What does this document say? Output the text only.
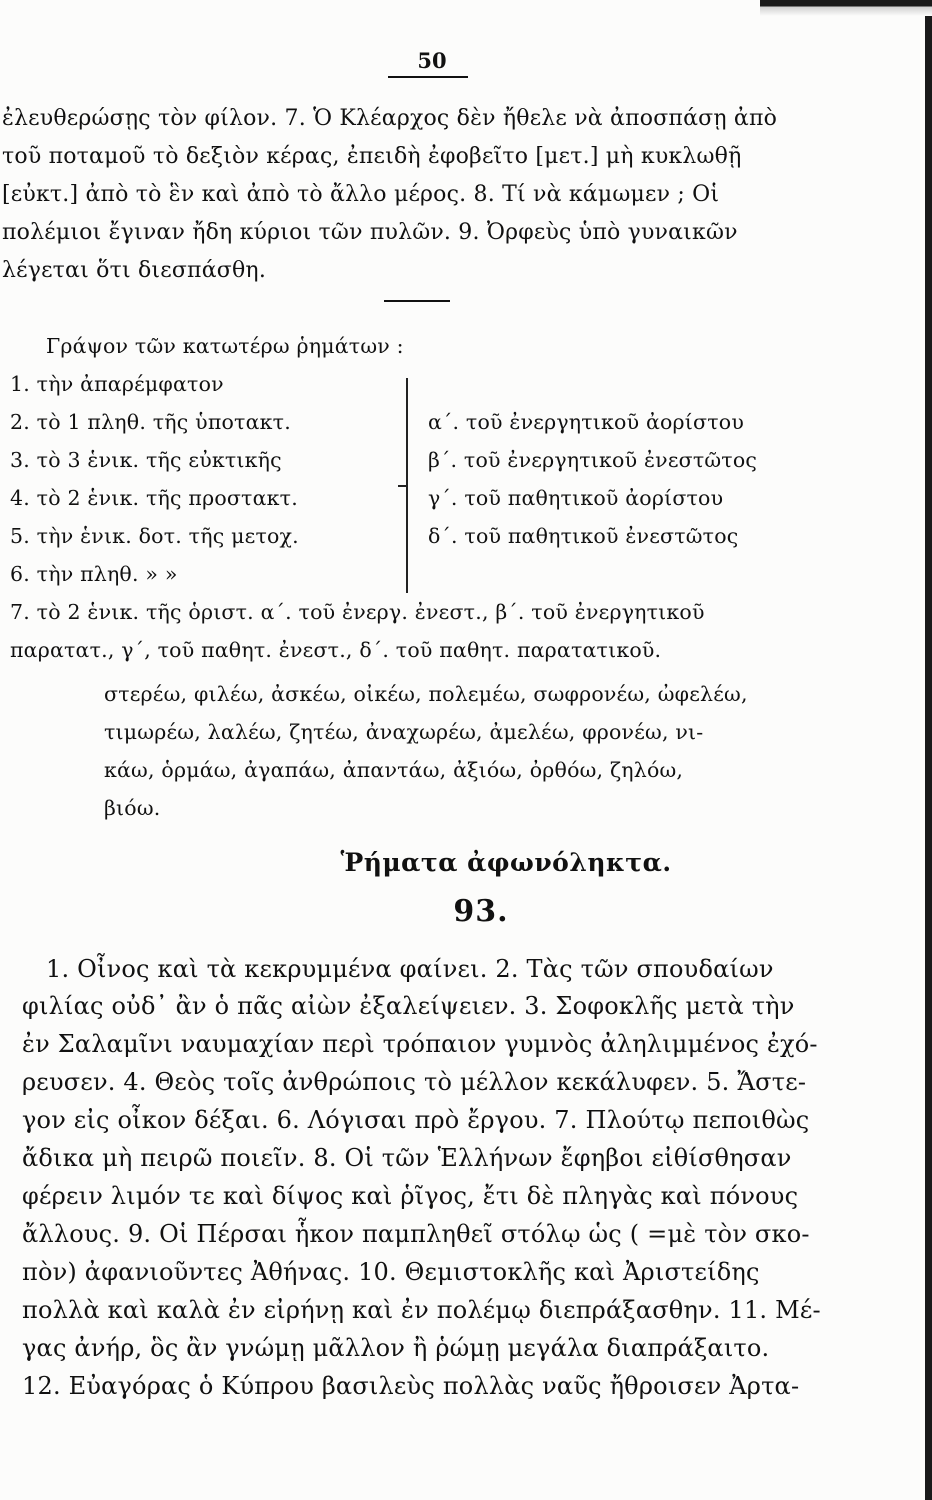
50
ἐλευθερώσῃς τὸν φίλον. 7. Ὁ Κλέαρχος δὲν ἤθελε νὰ ἀποσπάσῃ ἀπὸ
τοῦ ποταμοῦ τὸ δεξιὸν κέρας, ἐπειδὴ ἐφοβεῖτο [μετ.] μὴ κυκλωθῇ
[εὐκτ.] ἀπὸ τὸ ἓν καὶ ἀπὸ τὸ ἄλλο μέρος. 8. Τί νὰ κάμωμεν ; Οἱ
πολέμιοι ἔγιναν ἤδη κύριοι τῶν πυλῶν. 9. Ὀρφεὺς ὑπὸ γυναικῶν
λέγεται ὅτι διεσπάσθη.
Γράψον τῶν κατωτέρω ῥημάτων :
1. τὴν ἀπαρέμφατον
2. τὸ 1 πληθ. τῆς ὑποτακτ.
3. τὸ 3 ἑνικ. τῆς εὐκτικῆς
4. τὸ 2 ἑνικ. τῆς προστακτ.
5. τὴν ἑνικ. δοτ. τῆς μετοχ.
6. τὴν πληθ. » »
α΄. τοῦ ἐνεργητικοῦ ἀορίστου
β΄. τοῦ ἐνεργητικοῦ ἐνεστῶτος
γ΄. τοῦ παθητικοῦ ἀορίστου
δ΄. τοῦ παθητικοῦ ἐνεστῶτος
7. τὸ 2 ἑνικ. τῆς ὁριστ. α΄. τοῦ ἐνεργ. ἐνεστ., β΄. τοῦ ἐνεργητικοῦ
παρατατ., γ΄, τοῦ παθητ. ἐνεστ., δ΄. τοῦ παθητ. παρατατικοῦ.
στερέω, φιλέω, ἀσκέω, οἰκέω, πολεμέω, σωφρονέω, ὠφελέω,
τιμωρέω, λαλέω, ζητέω, ἀναχωρέω, ἀμελέω, φρονέω, νι-
κάω, ὁρμάω, ἀγαπάω, ἀπαντάω, ἀξιόω, ὀρθόω, ζηλόω,
βιόω.
Ῥήματα ἀφωνόληκτα.
93.
1. Οἶνος καὶ τὰ κεκρυμμένα φαίνει. 2. Τὰς τῶν σπουδαίων
φιλίας οὐδ᾽ ἂν ὁ πᾶς αἰὼν ἐξαλείψειεν. 3. Σοφοκλῆς μετὰ τὴν
ἐν Σαλαμῖνι ναυμαχίαν περὶ τρόπαιον γυμνὸς ἀληλιμμένος ἐχό-
ρευσεν. 4. Θεὸς τοῖς ἀνθρώποις τὸ μέλλον κεκάλυφεν. 5. Ἄστε-
γον εἰς οἶκον δέξαι. 6. Λόγισαι πρὸ ἔργου. 7. Πλούτῳ πεποιθὼς
ἄδικα μὴ πειρῶ ποιεῖν. 8. Οἱ τῶν Ἑλλήνων ἔφηβοι εἰθίσθησαν
φέρειν λιμόν τε καὶ δίψος καὶ ῥῖγος, ἔτι δὲ πληγὰς καὶ πόνους
ἄλλους. 9. Οἱ Πέρσαι ἧκον παμπληθεῖ στόλῳ ὡς ( =μὲ τὸν σκο-
πὸν) ἀφανιοῦντες Ἀθήνας. 10. Θεμιστοκλῆς καὶ Ἀριστείδης
πολλὰ καὶ καλὰ ἐν εἰρήνῃ καὶ ἐν πολέμῳ διεπράξασθην. 11. Μέ-
γας ἀνήρ, ὃς ἂν γνώμῃ μᾶλλον ἢ ῥώμῃ μεγάλα διαπράξαιτο.
12. Εὐαγόρας ὁ Κύπρου βασιλεὺς πολλὰς ναῦς ἤθροισεν Ἀρτα-
